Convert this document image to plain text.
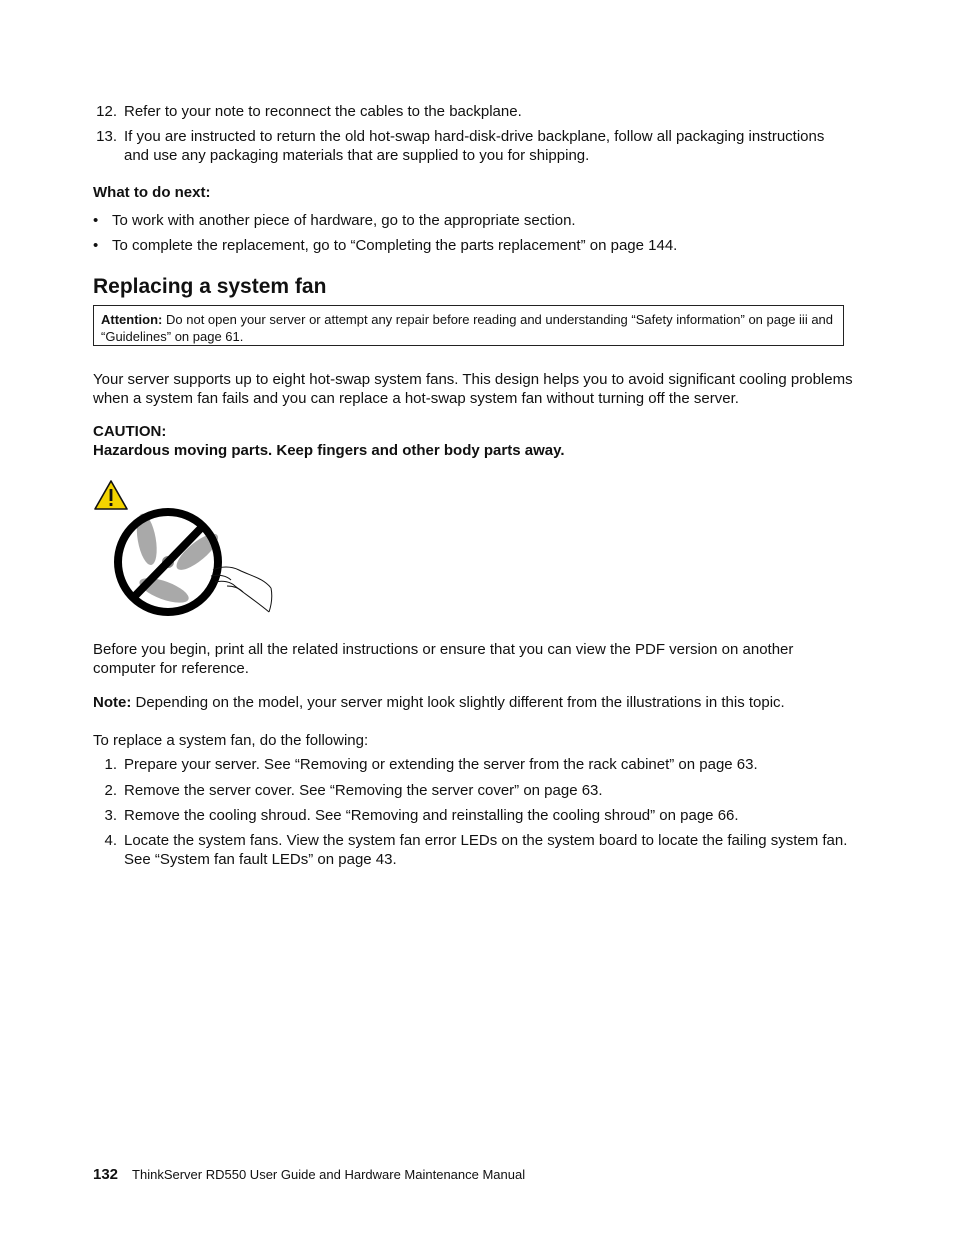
12. Refer to your note to reconnect the cables to the backplane.
13. If you are instructed to return the old hot-swap hard-disk-drive backplane, follow all packaging instructions and use any packaging materials that are supplied to you for shipping.
What to do next:
• To work with another piece of hardware, go to the appropriate section.
• To complete the replacement, go to “Completing the parts replacement” on page 144.
Replacing a system fan
Attention: Do not open your server or attempt any repair before reading and understanding “Safety information” on page iii and “Guidelines” on page 61.
Your server supports up to eight hot-swap system fans. This design helps you to avoid significant cooling problems when a system fan fails and you can replace a hot-swap system fan without turning off the server.
CAUTION:
Hazardous moving parts. Keep fingers and other body parts away.
Before you begin, print all the related instructions or ensure that you can view the PDF version on another computer for reference.
Note: Depending on the model, your server might look slightly different from the illustrations in this topic.
To replace a system fan, do the following:
1. Prepare your server. See “Removing or extending the server from the rack cabinet” on page 63.
2. Remove the server cover. See “Removing the server cover” on page 63.
3. Remove the cooling shroud. See “Removing and reinstalling the cooling shroud” on page 66.
4. Locate the system fans. View the system fan error LEDs on the system board to locate the failing system fan. See “System fan fault LEDs” on page 43.
132 ThinkServer RD550 User Guide and Hardware Maintenance Manual
